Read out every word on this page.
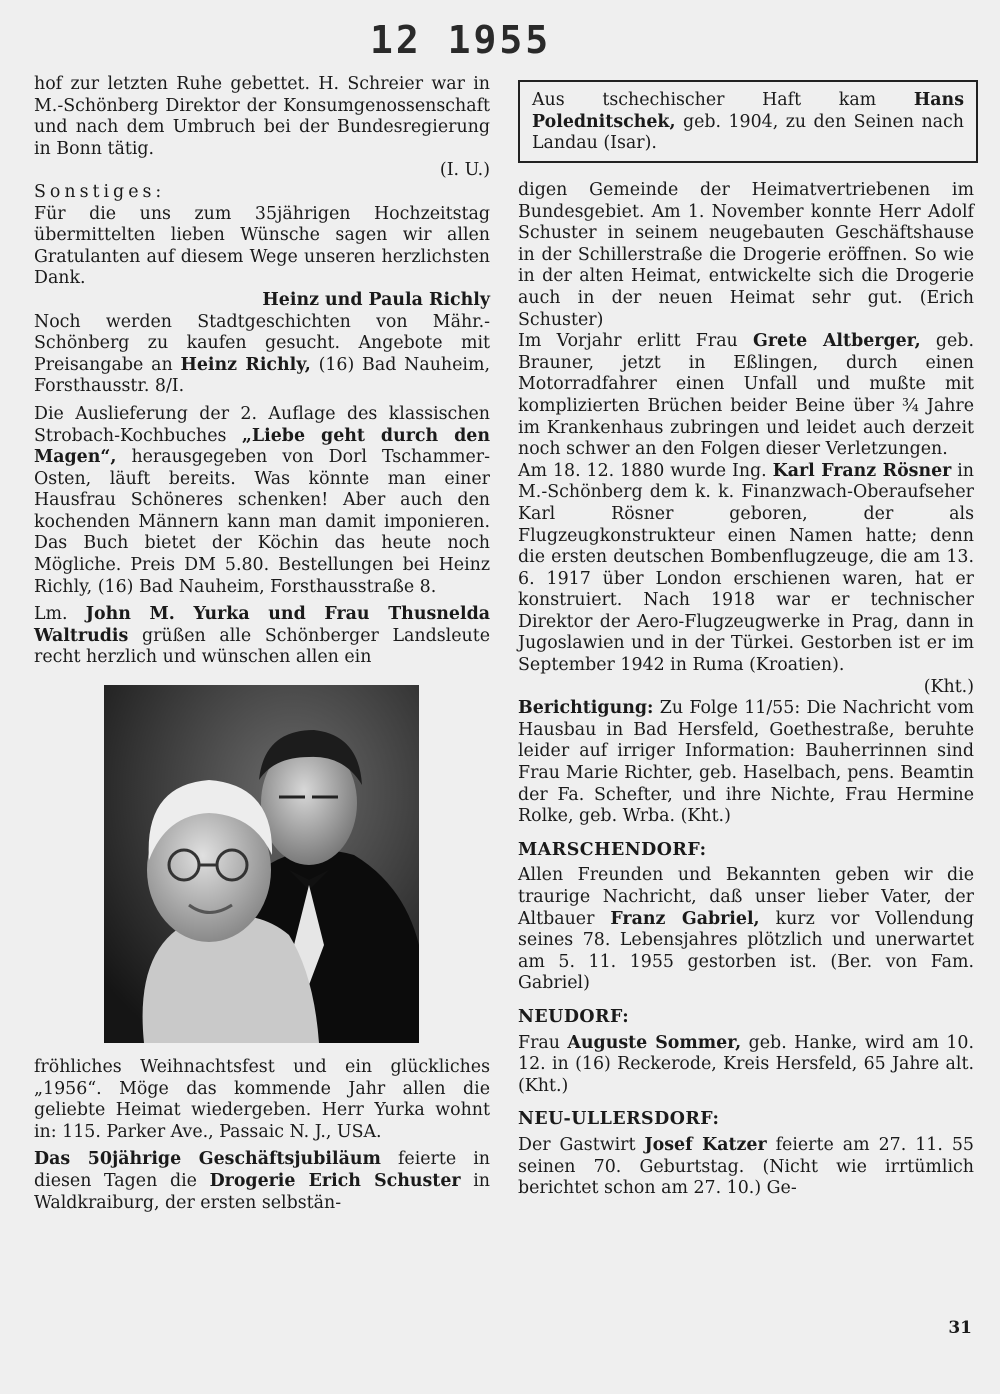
12 1955

hof zur letzten Ruhe gebettet. H. Schreier war in M.-Schönberg Direktor der Konsumgenossenschaft und nach dem Umbruch bei der Bundesregierung in Bonn tätig.

(I. U.)

Sonstiges:

Für die uns zum 35jährigen Hochzeitstag übermittelten lieben Wünsche sagen wir allen Gratulanten auf diesem Wege unseren herzlichsten Dank.

Heinz und Paula Richly

Noch werden Stadtgeschichten von Mähr.-Schönberg zu kaufen gesucht. Angebote mit Preisangabe an Heinz Richly, (16) Bad Nauheim, Forsthausstr. 8/I.

Die Auslieferung der 2. Auflage des klassischen Strobach-Kochbuches „Liebe geht durch den Magen“, herausgegeben von Dorl Tschammer-Osten, läuft bereits. Was könnte man einer Hausfrau Schöneres schenken! Aber auch den kochenden Männern kann man damit imponieren. Das Buch bietet der Köchin das heute noch Mögliche. Preis DM 5.80. Bestellungen bei Heinz Richly, (16) Bad Nauheim, Forsthausstraße 8.

Lm. John M. Yurka und Frau Thusnelda Waltrudis grüßen alle Schönberger Landsleute recht herzlich und wünschen allen ein

fröhliches Weihnachtsfest und ein glückliches „1956“. Möge das kommende Jahr allen die geliebte Heimat wiedergeben. Herr Yurka wohnt in: 115. Parker Ave., Passaic N. J., USA.

Das 50jährige Geschäftsjubiläum feierte in diesen Tagen die Drogerie Erich Schuster in Waldkraiburg, der ersten selbstän-

Aus tschechischer Haft kam Hans Polednitschek, geb. 1904, zu den Seinen nach Landau (Isar).

digen Gemeinde der Heimatvertriebenen im Bundesgebiet. Am 1. November konnte Herr Adolf Schuster in seinem neugebauten Geschäftshause in der Schillerstraße die Drogerie eröffnen. So wie in der alten Heimat, entwickelte sich die Drogerie auch in der neuen Heimat sehr gut. (Erich Schuster)

Im Vorjahr erlitt Frau Grete Altberger, geb. Brauner, jetzt in Eßlingen, durch einen Motorradfahrer einen Unfall und mußte mit komplizierten Brüchen beider Beine über ¾ Jahre im Krankenhaus zubringen und leidet auch derzeit noch schwer an den Folgen dieser Verletzungen.

Am 18. 12. 1880 wurde Ing. Karl Franz Rösner in M.-Schönberg dem k. k. Finanzwach-Oberaufseher Karl Rösner geboren, der als Flugzeugkonstrukteur einen Namen hatte; denn die ersten deutschen Bombenflugzeuge, die am 13. 6. 1917 über London erschienen waren, hat er konstruiert. Nach 1918 war er technischer Direktor der Aero-Flugzeugwerke in Prag, dann in Jugoslawien und in der Türkei. Gestorben ist er im September 1942 in Ruma (Kroatien).

(Kht.)

Berichtigung: Zu Folge 11/55: Die Nachricht vom Hausbau in Bad Hersfeld, Goethestraße, beruhte leider auf irriger Information: Bauherrinnen sind Frau Marie Richter, geb. Haselbach, pens. Beamtin der Fa. Schefter, und ihre Nichte, Frau Hermine Rolke, geb. Wrba. (Kht.)

MARSCHENDORF:

Allen Freunden und Bekannten geben wir die traurige Nachricht, daß unser lieber Vater, der Altbauer Franz Gabriel, kurz vor Vollendung seines 78. Lebensjahres plötzlich und unerwartet am 5. 11. 1955 gestorben ist. (Ber. von Fam. Gabriel)

NEUDORF:

Frau Auguste Sommer, geb. Hanke, wird am 10. 12. in (16) Reckerode, Kreis Hersfeld, 65 Jahre alt. (Kht.)

NEU-ULLERSDORF:

Der Gastwirt Josef Katzer feierte am 27. 11. 55 seinen 70. Geburtstag. (Nicht wie irrtümlich berichtet schon am 27. 10.) Ge-

31
